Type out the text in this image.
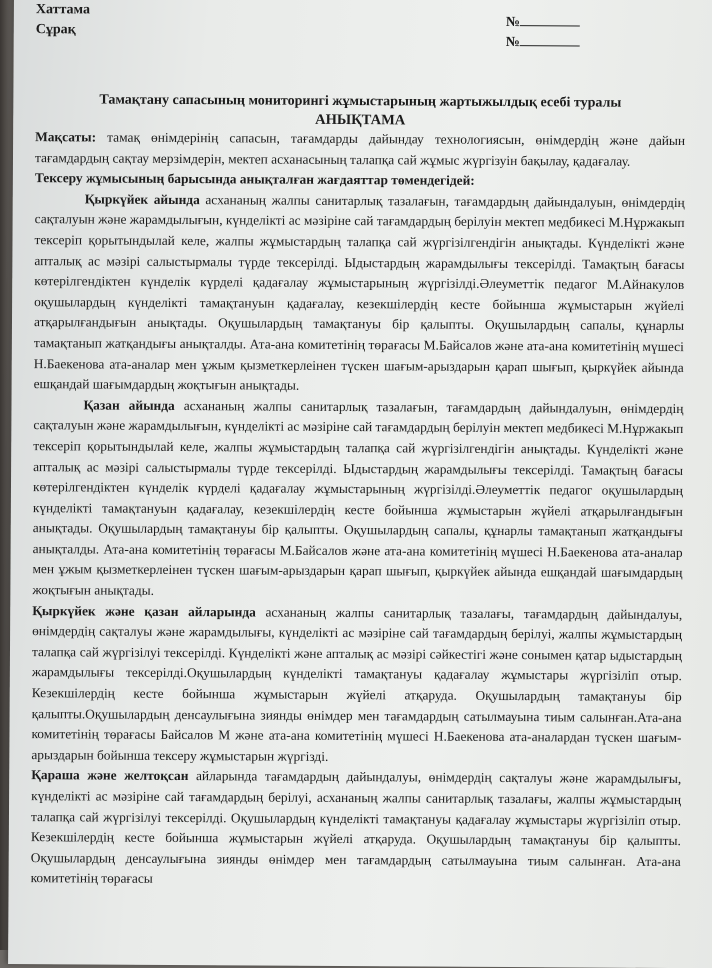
Хаттама
Сұрақ	№
№
Тамақтану сапасының мониторингі жұмыстарының жартыжылдық есебі туралы
АНЫҚТАМА

Мақсаты: тамақ өнімдерінің сапасын, тағамдарды дайындау технологиясын, өнімдердің және дайын тағамдардың сақтау мерзімдерін, мектеп асханасының талапқа сай жұмыс жүргізуін бақылау, қадағалау.

Тексеру жұмысының барысында анықталған жағдаяттар төмендегідей:

Қыркүйек айында асхананың жалпы санитарлық тазалағын, тағамдардың дайындалуын, өнімдердің сақталуын және жарамдылығын, күнделікті ас мәзіріне сай тағамдардың берілуін мектеп медбикесі М.Нұржакып тексеріп қорытындылай келе, жалпы жұмыстардың талапқа сай жүргізілгендігін анықтады. Күнделікті және апталық ас мәзірі салыстырмалы түрде тексерілді. Ыдыстардың жарамдылығы тексерілді. Тамақтың бағасы көтерілгендіктен күнделік күрделі қадағалау жұмыстарының жүргізілді.Әлеуметтік педагог М.Айнакулов оқушылардың күнделікті тамақтануын қадағалау, кезекшілердің кесте бойынша жұмыстарын жүйелі атқарылғандығын анықтады. Оқушылардың тамақтануы бір қалыпты. Оқушылардың сапалы, құнарлы тамақтанып жатқандығы анықталды. Ата-ана комитетінің төрағасы М.Байсалов және ата-ана комитетінің мүшесі Н.Баекенова ата-аналар мен ұжым қызметкерлеінен түскен шағым-арыздарын қарап шығып, қыркүйек айында ешқандай шағымдардың жоқтығын анықтады.

Қазан айында асхананың жалпы санитарлық тазалағын, тағамдардың дайындалуын, өнімдердің сақталуын және жарамдылығын, күнделікті ас мәзіріне сай тағамдардың берілуін мектеп медбикесі М.Нұржакып тексеріп қорытындылай келе, жалпы жұмыстардың талапқа сай жүргізілгендігін анықтады. Күнделікті және апталық ас мәзірі салыстырмалы түрде тексерілді. Ыдыстардың жарамдылығы тексерілді. Тамақтың бағасы көтерілгендіктен күнделік күрделі қадағалау жұмыстарының жүргізілді.Әлеуметтік педагог оқушылардың күнделікті тамақтануын қадағалау, кезекшілердің кесте бойынша жұмыстарын жүйелі атқарылғандығын анықтады. Оқушылардың тамақтануы бір қалыпты. Оқушылардың сапалы, құнарлы тамақтанып жатқандығы анықталды. Ата-ана комитетінің төрағасы М.Байсалов және ата-ана комитетінің мүшесі Н.Баекенова ата-аналар мен ұжым қызметкерлеінен түскен шағым-арыздарын қарап шығып, қыркүйек айында ешқандай шағымдардың жоқтығын анықтады.

Қыркүйек және қазан айларында асхананың жалпы санитарлық тазалағы, тағамдардың дайындалуы, өнімдердің сақталуы және жарамдылығы, күнделікті ас мәзіріне сай тағамдардың берілуі, жалпы жұмыстардың талапқа сай жүргізілуі тексерілді. Күнделікті және апталық ас мәзірі сәйкестігі және сонымен қатар ыдыстардың жарамдылығы тексерілді.Оқушылардың күнделікті тамақтануы қадағалау жұмыстары жүргізіліп отыр. Кезекшілердің кесте бойынша жұмыстарын жүйелі атқаруда. Оқушылардың тамақтануы бір қалыпты.Оқушылардың денсаулығына зиянды өнімдер мен тағамдардың сатылмауына тиым салынған.Ата-ана комитетінің төрағасы Байсалов М және ата-ана комитетінің мүшесі Н.Баекенова ата-аналардан түскен шағым-арыздарын бойынша тексеру жұмыстарын жүргізді.

Қараша және желтоқсан айларында тағамдардың дайындалуы, өнімдердің сақталуы және жарамдылығы, күнделікті ас мәзіріне сай тағамдардың берілуі, асхананың жалпы санитарлық тазалағы, жалпы жұмыстардың талапқа сай жүргізілуі тексерілді. Оқушылардың күнделікті тамақтануы қадағалау жұмыстары жүргізіліп отыр. Кезекшілердің кесте бойынша жұмыстарын жүйелі атқаруда. Оқушылардың тамақтануы бір қалыпты. Оқушылардың денсаулығына зиянды өнімдер мен тағамдардың сатылмауына тиым салынған. Ата-ана комитетінің төрағасы
